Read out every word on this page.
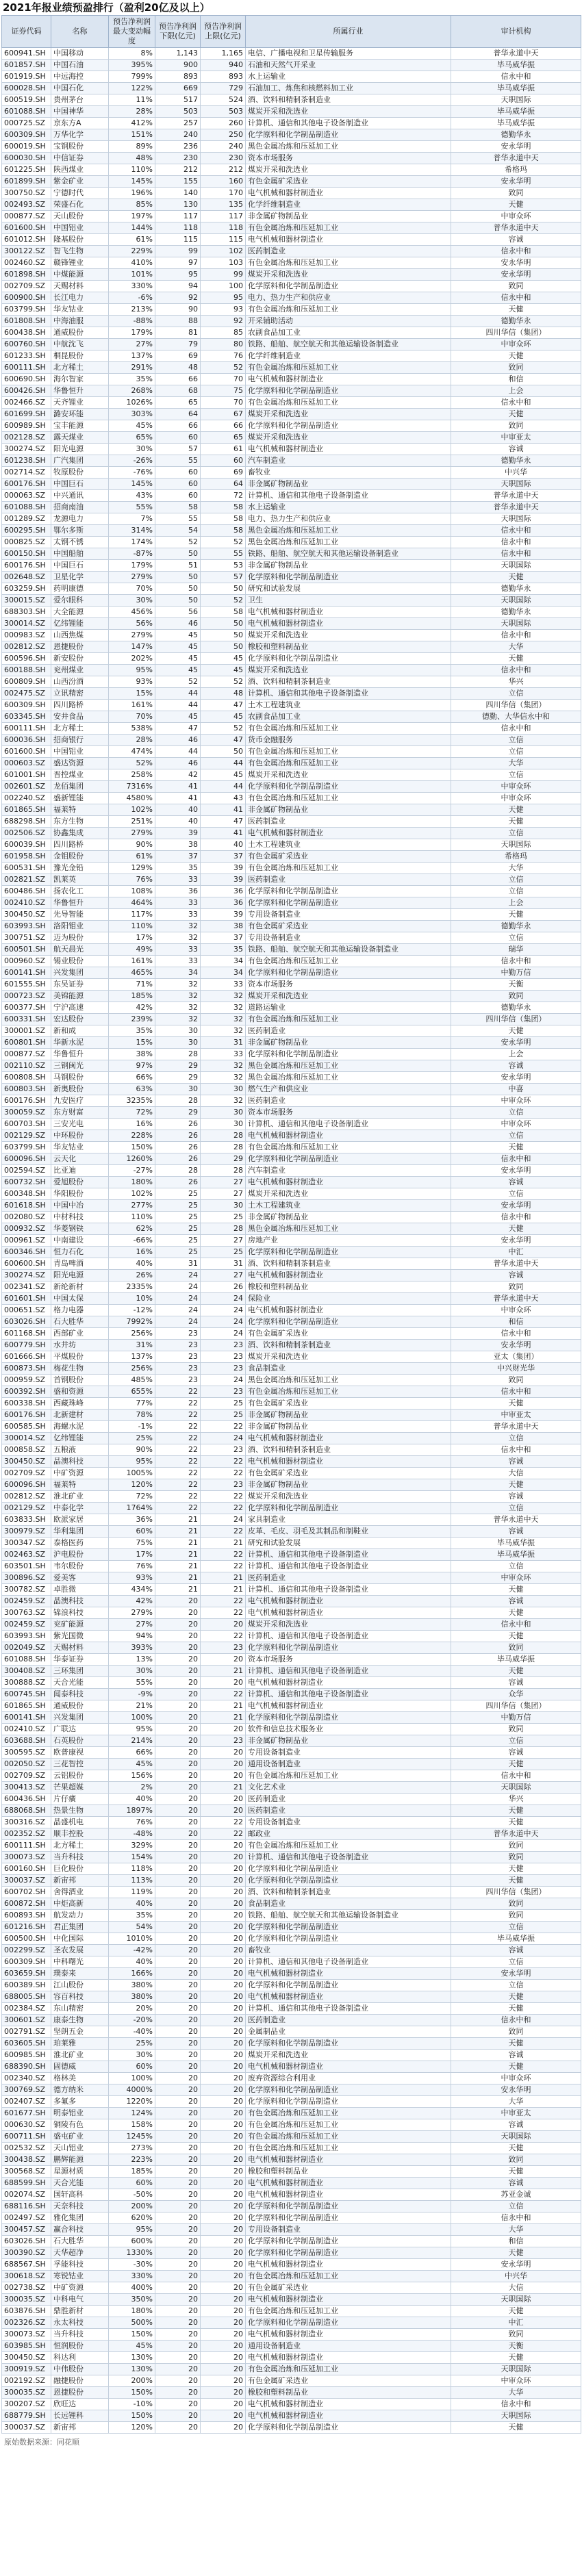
2021年报业绩预盈排行（盈利20亿及以上）
证券代码	名称	预告净利润最大变动幅度	预告净利润下限(亿元)	预告净利润上限(亿元)	所属行业	审计机构
600941.SH	中国移动	8%	1,143	1,165	电信、广播电视和卫星传输服务	普华永道中天
601857.SH	中国石油	395%	900	940	石油和天然气开采业	毕马威华振
601919.SH	中远海控	799%	893	893	水上运输业	信永中和
600028.SH	中国石化	122%	669	729	石油加工、炼焦和核燃料加工业	毕马威华振
600519.SH	贵州茅台	11%	517	524	酒、饮料和精制茶制造业	天职国际
601088.SH	中国神华	28%	503	503	煤炭开采和洗选业	毕马威华振
000725.SZ	京东方A	412%	257	260	计算机、通信和其他电子设备制造业	毕马威华振
600309.SH	万华化学	151%	240	250	化学原料和化学制品制造业	德勤华永
600019.SH	宝钢股份	89%	236	240	黑色金属冶炼和压延加工业	安永华明
600030.SH	中信证券	48%	230	230	资本市场服务	普华永道中天
601225.SH	陕西煤业	110%	212	212	煤炭开采和洗选业	希格玛
601899.SH	紫金矿业	145%	155	160	有色金属矿采选业	安永华明
300750.SZ	宁德时代	196%	140	170	电气机械和器材制造业	致同
002493.SZ	荣盛石化	85%	130	135	化学纤维制造业	天健
000877.SZ	天山股份	197%	117	117	非金属矿物制品业	中审众环
601600.SH	中国铝业	144%	118	118	有色金属冶炼和压延加工业	普华永道中天
601012.SH	隆基股份	61%	115	115	电气机械和器材制造业	容诚
300122.SZ	智飞生物	229%	99	102	医药制造业	信永中和
002460.SZ	赣锋锂业	410%	97	103	有色金属冶炼和压延加工业	安永华明
601898.SH	中煤能源	101%	95	99	煤炭开采和洗选业	安永华明
002709.SZ	天赐材料	330%	94	100	化学原料和化学制品制造业	致同
600900.SH	长江电力	-6%	92	95	电力、热力生产和供应业	信永中和
603799.SH	华友钴业	213%	90	93	有色金属冶炼和压延加工业	天健
601808.SH	中海油服	-88%	88	92	开采辅助活动	德勤华永
600438.SH	通威股份	179%	81	85	农副食品加工业	四川华信（集团）
600760.SH	中航沈飞	27%	79	80	铁路、船舶、航空航天和其他运输设备制造业	中审众环
601233.SH	桐昆股份	137%	69	76	化学纤维制造业	天健
600111.SH	北方稀土	291%	48	52	有色金属冶炼和压延加工业	致同
600690.SH	海尔智家	35%	66	70	电气机械和器材制造业	和信
600426.SH	华鲁恒升	268%	68	75	化学原料和化学制品制造业	上会
002466.SZ	天齐锂业	1026%	65	70	有色金属冶炼和压延加工业	信永中和
601699.SH	潞安环能	303%	64	67	煤炭开采和洗选业	天健
600989.SH	宝丰能源	45%	66	66	化学原料和化学制品制造业	致同
002128.SZ	露天煤业	65%	60	65	煤炭开采和洗选业	中审亚太
300274.SZ	阳光电源	30%	57	61	电气机械和器材制造业	容诚
601238.SH	广汽集团	-26%	55	60	汽车制造业	德勤华永
002714.SZ	牧原股份	-76%	60	69	畜牧业	中兴华
600176.SH	中国巨石	145%	60	64	非金属矿物制品业	天职国际
000063.SZ	中兴通讯	43%	60	72	计算机、通信和其他电子设备制造业	普华永道中天
601088.SH	招商南油	55%	58	58	水上运输业	普华永道中天
001289.SZ	龙源电力	7%	55	58	电力、热力生产和供应业	天职国际
600295.SH	鄂尔多斯	314%	54	58	黑色金属冶炼和压延加工业	信永中和
000825.SZ	太钢不锈	174%	52	52	黑色金属冶炼和压延加工业	信永中和
600150.SH	中国船舶	-87%	50	55	铁路、船舶、航空航天和其他运输设备制造业	信永中和
600176.SH	中国巨石	179%	51	53	非金属矿物制品业	天职国际
002648.SZ	卫星化学	279%	50	57	化学原料和化学制品制造业	天健
603259.SH	药明康德	70%	50	50	研究和试验发展	德勤华永
300015.SZ	爱尔眼科	30%	50	52	卫生	天职国际
688303.SH	大全能源	456%	56	58	电气机械和器材制造业	德勤华永
300014.SZ	亿纬锂能	56%	46	50	电气机械和器材制造业	天职国际
000983.SZ	山西焦煤	279%	45	50	煤炭开采和洗选业	信永中和
002812.SZ	恩捷股份	147%	45	50	橡胶和塑料制品业	大华
600596.SH	新安股份	202%	45	45	化学原料和化学制品制造业	天健
600188.SH	兖州煤业	95%	45	45	煤炭开采和洗选业	信永中和
600809.SH	山西汾酒	93%	52	52	酒、饮料和精制茶制造业	华兴
002475.SZ	立讯精密	15%	44	48	计算机、通信和其他电子设备制造业	立信
600309.SH	四川路桥	161%	44	47	土木工程建筑业	四川华信（集团）
603345.SH	安井食品	70%	45	45	农副食品加工业	德勤、大华信永中和
600111.SH	北方稀土	538%	47	52	有色金属冶炼和压延加工业	信永中和
600036.SH	招商银行	28%	46	47	货币金融服务	立信
601600.SH	中国铝业	474%	44	50	有色金属冶炼和压延加工业	立信
000603.SZ	盛达资源	52%	46	44	有色金属冶炼和压延加工业	大华
601001.SH	晋控煤业	258%	42	45	煤炭开采和洗选业	立信
002601.SZ	龙佰集团	7316%	41	44	化学原料和化学制品制造业	中审众环
002240.SZ	盛新锂能	4580%	41	43	有色金属冶炼和压延加工业	中审众环
601865.SH	福莱特	102%	40	41	非金属矿物制品业	天健
688298.SH	东方生物	251%	40	47	医药制造业	天健
002506.SZ	协鑫集成	279%	39	41	电气机械和器材制造业	立信
600039.SH	四川路桥	90%	38	40	土木工程建筑业	天职国际
601958.SH	金钼股份	61%	37	37	有色金属矿采选业	希格玛
600531.SH	豫光金铅	129%	35	39	有色金属冶炼和压延加工业	大华
002821.SZ	凯莱英	76%	33	39	医药制造业	立信
600486.SH	扬农化工	108%	36	36	化学原料和化学制品制造业	立信
002410.SZ	华鲁恒升	464%	33	36	化学原料和化学制品制造业	上会
300450.SZ	先导智能	117%	33	39	专用设备制造业	天健
603993.SH	洛阳钼业	110%	32	38	有色金属矿采选业	德勤华永
300751.SZ	迈为股份	17%	32	37	专用设备制造业	立信
600501.SH	航天晨光	49%	33	35	铁路、船舶、航空航天和其他运输设备制造业	瑞华
000960.SZ	锡业股份	161%	33	34	有色金属冶炼和压延加工业	信永中和
600141.SH	兴发集团	465%	34	34	化学原料和化学制品制造业	中勤万信
601555.SH	东吴证券	71%	32	33	资本市场服务	天衡
000723.SZ	美锦能源	185%	32	32	煤炭开采和洗选业	致同
600377.SH	宁沪高速	42%	32	32	道路运输业	德勤华永
600331.SH	宏达股份	239%	32	32	有色金属冶炼和压延加工业	四川华信（集团）
300001.SZ	新和成	35%	30	32	医药制造业	天健
600801.SH	华新水泥	15%	30	31	非金属矿物制品业	安永华明
000877.SZ	华鲁恒升	38%	28	33	化学原料和化学制品制造业	上会
002110.SZ	三钢闽光	97%	29	32	黑色金属冶炼和压延加工业	容诚
600808.SH	马钢股份	66%	29	32	黑色金属冶炼和压延加工业	安永华明
600803.SH	新奥股份	63%	30	30	燃气生产和供应业	中喜
600176.SH	九安医疗	3235%	28	32	医药制造业	中审众环
300059.SZ	东方财富	72%	29	30	资本市场服务	立信
600703.SH	三安光电	16%	26	30	计算机、通信和其他电子设备制造业	中审众环
002129.SZ	中环股份	228%	26	28	电气机械和器材制造业	立信
603799.SH	华友钴业	150%	26	28	有色金属冶炼和压延加工业	天健
600096.SH	云天化	1260%	26	29	化学原料和化学制品制造业	信永中和
002594.SZ	比亚迪	-27%	28	28	汽车制造业	安永华明
600732.SH	爱旭股份	180%	26	27	电气机械和器材制造业	容诚
600348.SH	华阳股份	102%	25	27	煤炭开采和洗选业	立信
601618.SH	中国中冶	277%	25	30	土木工程建筑业	安永华明
002080.SZ	中材科技	110%	25	25	非金属矿物制品业	信永中和
000932.SZ	华菱钢铁	62%	25	28	黑色金属冶炼和压延加工业	天健
000961.SZ	中南建设	-66%	25	27	房地产业	安永华明
600346.SH	恒力石化	16%	25	25	化学原料和化学制品制造业	中汇
600600.SH	青岛啤酒	40%	31	31	酒、饮料和精制茶制造业	普华永道中天
300274.SZ	阳光电源	26%	24	27	电气机械和器材制造业	容诚
002341.SZ	新纶新材	2335%	24	26	橡胶和塑料制品业	致同
601601.SH	中国太保	10%	24	24	保险业	普华永道中天
000651.SZ	格力电器	-12%	24	24	电气机械和器材制造业	中审众环
603026.SH	石大胜华	7992%	24	24	化学原料和化学制品制造业	和信
601168.SH	西部矿业	256%	23	24	有色金属矿采选业	信永中和
600779.SH	水井坊	31%	23	23	酒、饮料和精制茶制造业	安永华明
601666.SH	平煤股份	137%	23	23	煤炭开采和洗选业	亚太（集团）
600873.SH	梅花生物	256%	23	23	食品制造业	中兴财光华
000959.SZ	首钢股份	485%	23	24	黑色金属冶炼和压延加工业	致同
600392.SH	盛和资源	655%	22	23	有色金属冶炼和压延加工业	信永中和
600338.SH	西藏珠峰	77%	22	25	有色金属矿采选业	天健
600176.SH	北新建材	78%	22	25	非金属矿物制品业	中审亚太
600585.SH	海螺水泥	-1%	22	22	非金属矿物制品业	普华永道中天
300014.SZ	亿纬锂能	25%	22	24	电气机械和器材制造业	立信
000858.SZ	五粮液	90%	22	23	酒、饮料和精制茶制造业	信永中和
300450.SZ	晶澳科技	95%	22	22	电气机械和器材制造业	容诚
002709.SZ	中矿资源	1005%	22	22	有色金属矿采选业	大信
600096.SH	福莱特	120%	22	23	非金属矿物制品业	天健
002812.SZ	淮北矿业	72%	22	22	煤炭开采和洗选业	容诚
002129.SZ	中泰化学	1764%	22	22	化学原料和化学制品制造业	立信
603833.SH	欧派家居	36%	21	24	家具制造业	普华永道中天
300979.SZ	华利集团	60%	21	22	皮革、毛皮、羽毛及其制品和制鞋业	容诚
300347.SZ	泰格医药	75%	21	21	研究和试验发展	毕马威华振
002463.SZ	沪电股份	17%	21	22	计算机、通信和其他电子设备制造业	毕马威华振
603501.SH	韦尔股份	76%	21	22	计算机、通信和其他电子设备制造业	立信
300896.SZ	爱美客	93%	21	21	医药制造业	中审众环
300782.SZ	卓胜微	434%	21	21	计算机、通信和其他电子设备制造业	天健
002459.SZ	晶澳科技	42%	20	22	电气机械和器材制造业	容诚
300763.SZ	锦浪科技	279%	20	22	电气机械和器材制造业	天健
002459.SZ	兖矿能源	27%	20	20	煤炭开采和洗选业	信永中和
603993.SH	紫光国微	94%	20	22	计算机、通信和其他电子设备制造业	天健
002049.SZ	天赐材料	393%	20	23	化学原料和化学制品制造业	致同
601088.SH	华泰证券	13%	20	20	资本市场服务	毕马威华振
300408.SZ	三环集团	30%	20	21	计算机、通信和其他电子设备制造业	天健
300888.SZ	天合光能	55%	20	20	电气机械和器材制造业	容诚
600745.SH	闻泰科技	-9%	20	22	计算机、通信和其他电子设备制造业	众华
601865.SH	通威股份	21%	20	21	电气机械和器材制造业	四川华信（集团）
600141.SH	兴发集团	100%	20	21	化学原料和化学制品制造业	中勤万信
002410.SZ	广联达	95%	20	20	软件和信息技术服务业	致同
603688.SH	石英股份	214%	20	23	非金属矿物制品业	立信
300595.SZ	欧普康视	66%	20	20	专用设备制造业	容诚
002050.SZ	三花智控	45%	20	20	通用设备制造业	天健
002709.SZ	云铝股份	156%	20	20	有色金属冶炼和压延加工业	信永中和
300413.SZ	芒果超媒	2%	20	21	文化艺术业	天职国际
600436.SH	片仔癀	40%	20	20	医药制造业	华兴
688068.SH	热景生物	1897%	20	20	医药制造业	天健
300316.SZ	晶盛机电	76%	20	22	专用设备制造业	天健
002352.SZ	顺丰控股	-48%	20	22	邮政业	普华永道中天
600111.SH	北方稀土	329%	20	20	有色金属冶炼和压延加工业	致同
300073.SZ	当升科技	154%	20	20	计算机、通信和其他电子设备制造业	致同
600160.SH	巨化股份	118%	20	20	化学原料和化学制品制造业	天健
300037.SZ	新宙邦	113%	20	20	化学原料和化学制品制造业	天健
600702.SH	舍得酒业	119%	20	20	酒、饮料和精制茶制造业	四川华信（集团）
600872.SH	中炬高新	40%	20	20	食品制造业	致同
600893.SH	航发动力	35%	20	20	铁路、船舶、航空航天和其他运输设备制造业	致同
601216.SH	君正集团	54%	20	20	化学原料和化学制品制造业	立信
600500.SH	中化国际	1010%	20	20	化学原料和化学制品制造业	毕马威华振
002299.SZ	圣农发展	-42%	20	20	畜牧业	容诚
600309.SH	中科曙光	40%	20	20	计算机、通信和其他电子设备制造业	立信
603659.SH	璞泰来	166%	20	20	电气机械和器材制造业	安永华明
600389.SH	江山股份	380%	20	20	化学原料和化学制品制造业	立信
688005.SH	容百科技	380%	20	20	电气机械和器材制造业	天健
002384.SZ	东山精密	20%	20	20	计算机、通信和其他电子设备制造业	天健
300601.SZ	康泰生物	-20%	20	20	医药制造业	信永中和
002791.SZ	坚朗五金	-40%	20	20	金属制品业	致同
603605.SH	珀莱雅	25%	20	20	化学原料和化学制品制造业	天健
600985.SH	淮北矿业	30%	20	20	煤炭开采和洗选业	容诚
688390.SH	固德威	60%	20	20	电气机械和器材制造业	天健
002340.SZ	格林美	100%	20	20	废弃资源综合利用业	中审众环
300769.SZ	德方纳米	4000%	20	20	化学原料和化学制品制造业	安永华明
002407.SZ	多氟多	1220%	20	20	化学原料和化学制品制造业	大华
601677.SH	明泰铝业	124%	20	20	有色金属冶炼和压延加工业	中审亚太
000630.SZ	铜陵有色	158%	20	20	有色金属冶炼和压延加工业	容诚
600711.SH	盛屯矿业	1245%	20	20	有色金属冶炼和压延加工业	天职国际
002532.SZ	天山铝业	273%	20	20	有色金属冶炼和压延加工业	天健
300438.SZ	鹏辉能源	223%	20	20	电气机械和器材制造业	致同
300568.SZ	星源材质	185%	20	20	橡胶和塑料制品业	天健
688599.SH	天合光能	60%	20	20	电气机械和器材制造业	容诚
002074.SZ	国轩高科	-50%	20	20	电气机械和器材制造业	苏亚金诚
688116.SH	天奈科技	200%	20	20	化学原料和化学制品制造业	立信
002497.SZ	雅化集团	620%	20	20	化学原料和化学制品制造业	信永中和
300457.SZ	赢合科技	95%	20	20	专用设备制造业	大华
603026.SH	石大胜华	600%	20	20	化学原料和化学制品制造业	和信
300390.SZ	天华超净	1330%	20	20	化学原料和化学制品制造业	天健
688567.SH	孚能科技	-30%	20	20	电气机械和器材制造业	安永华明
300618.SZ	寒锐钴业	330%	20	20	有色金属冶炼和压延加工业	中兴华
002738.SZ	中矿资源	400%	20	20	有色金属矿采选业	大信
300035.SZ	中科电气	350%	20	20	电气机械和器材制造业	天职国际
603876.SH	鼎胜新材	180%	20	20	有色金属冶炼和压延加工业	天健
002326.SZ	永太科技	500%	20	20	化学原料和化学制品制造业	中汇
300073.SZ	当升科技	150%	20	20	电气机械和器材制造业	致同
603985.SH	恒润股份	45%	20	20	通用设备制造业	天衡
300450.SZ	科达利	130%	20	20	电气机械和器材制造业	天健
300919.SZ	中伟股份	130%	20	20	有色金属冶炼和压延加工业	天职国际
002192.SZ	融捷股份	200%	20	20	有色金属矿采选业	中审众环
300035.SZ	恩捷股份	150%	20	20	橡胶和塑料制品业	大华
300207.SZ	欣旺达	-10%	20	20	电气机械和器材制造业	信永中和
688779.SH	长远锂科	150%	20	20	电气机械和器材制造业	天职国际
300037.SZ	新宙邦	120%	20	20	化学原料和化学制品制造业	天健
原始数据来源：同花顺
